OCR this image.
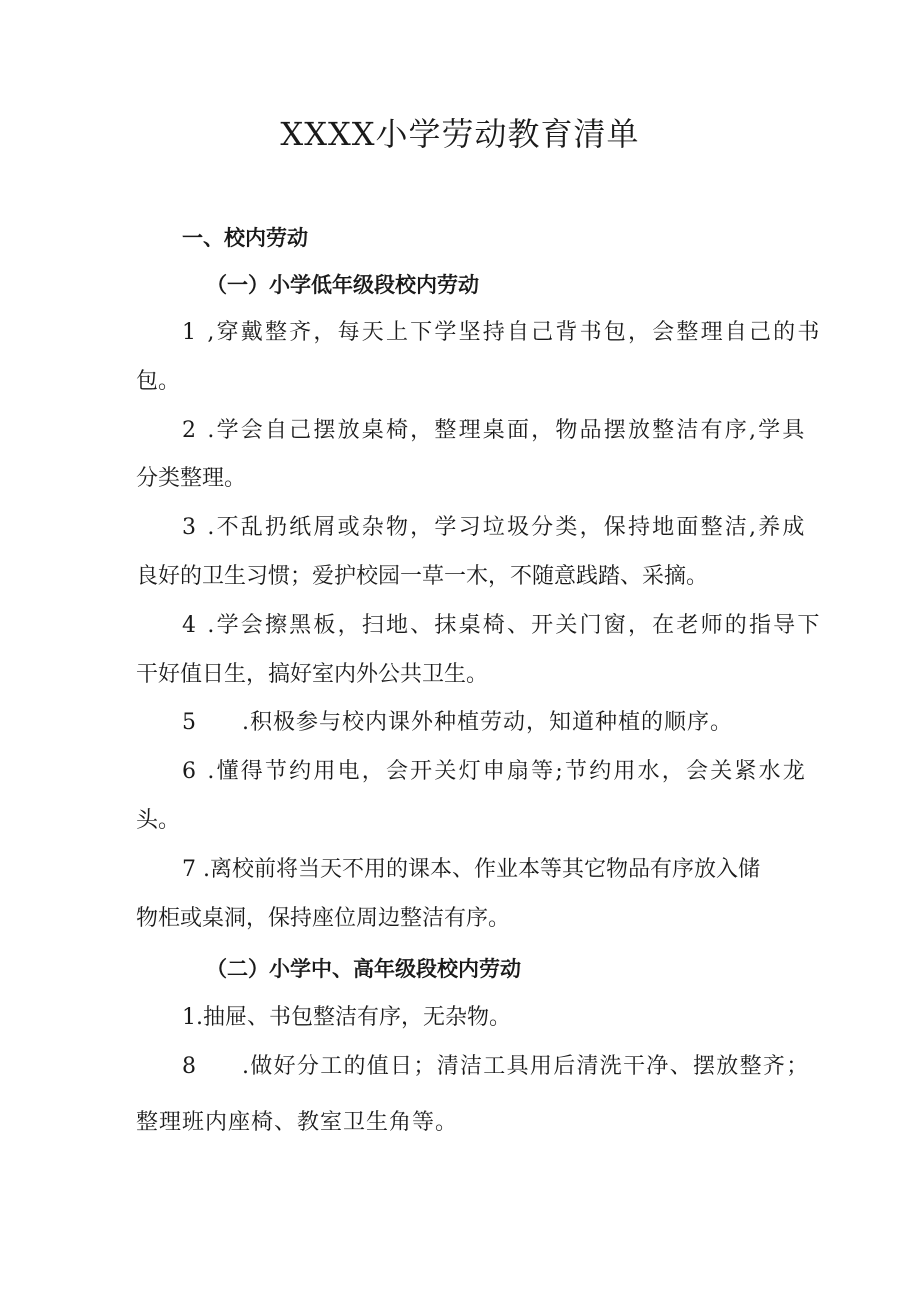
XXXX小学劳动教育清单
一、校内劳动
（一）小学低年级段校内劳动
1 ,穿戴整齐，每天上下学坚持自己背书包，会整理自己的书
包。
2 .学会自己摆放桌椅，整理桌面，物品摆放整洁有序,学具
分类整理。
3 .不乱扔纸屑或杂物，学习垃圾分类，保持地面整洁,养成
良好的卫生习惯；爱护校园一草一木，不随意践踏、采摘。
4 .学会擦黑板，扫地、抹桌椅、开关门窗，在老师的指导下
干好值日生，搞好室内外公共卫生。
5 .积极参与校内课外种植劳动，知道种植的顺序。
6 .懂得节约用电，会开关灯申扇等;节约用水，会关紧水龙
头。
7 .离校前将当天不用的课本、作业本等其它物品有序放入储
物柜或桌洞，保持座位周边整洁有序。
（二）小学中、高年级段校内劳动
1.抽屉、书包整洁有序，无杂物。
8 .做好分工的值日；清洁工具用后清洗干净、摆放整齐；
整理班内座椅、教室卫生角等。
